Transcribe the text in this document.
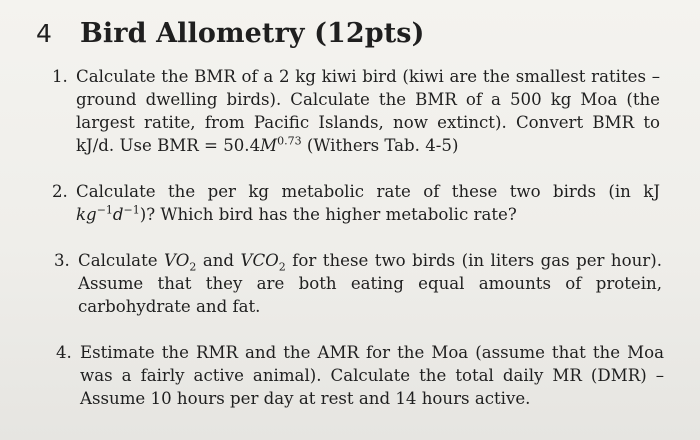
4	Bird Allometry (12pts)
1. Calculate the BMR of a 2 kg kiwi bird (kiwi are the smallest ratites – ground dwelling birds). Calculate the BMR of a 500 kg Moa (the largest ratite, from Pacific Islands, now extinct). Convert BMR to kJ/d. Use BMR = $50.4M^{0.73}$ (Withers Tab. 4-5)
2. Calculate the per kg metabolic rate of these two birds (in kJ $kg^{-1}d^{-1}$)? Which bird has the higher metabolic rate?
3. Calculate $VO_2$ and $VCO_2$ for these two birds (in liters gas per hour). Assume that they are both eating equal amounts of protein, carbohydrate and fat.
4. Estimate the RMR and the AMR for the Moa (assume that the Moa was a fairly active animal). Calculate the total daily MR (DMR) – Assume 10 hours per day at rest and 14 hours active.
